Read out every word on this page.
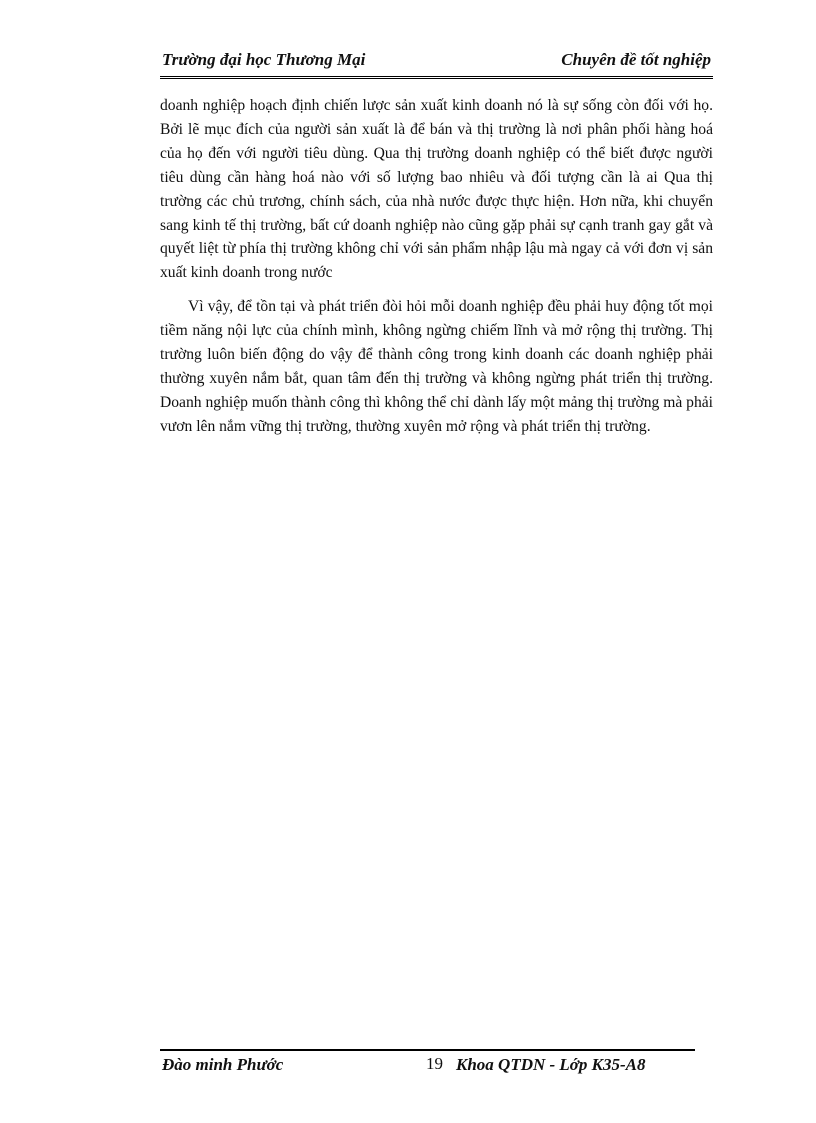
Trường đại học Thương Mại	Chuyên đề tốt nghiệp

doanh nghiệp hoạch định chiến lược sản xuất kinh doanh nó là sự sống còn đối với họ. Bởi lẽ mục đích của người sản xuất là để bán và thị trường là nơi phân phối hàng hoá của họ đến với người tiêu dùng. Qua thị trường doanh nghiệp có thể biết được người tiêu dùng cần hàng hoá nào với số lượng bao nhiêu và đối tượng cần là ai Qua thị trường các chủ trương, chính sách, của nhà nước được thực hiện. Hơn nữa, khi chuyển sang kinh tế thị trường, bất cứ doanh nghiệp nào cũng gặp phải sự cạnh tranh gay gắt và quyết liệt từ phía thị trường không chỉ với sản phẩm nhập lậu mà ngay cả với đơn vị sản xuất kinh doanh trong nước

Vì vậy, để tồn tại và phát triển đòi hỏi mỗi doanh nghiệp đều phải huy động tốt mọi tiềm năng nội lực của chính mình, không ngừng chiếm lĩnh và mở rộng thị trường. Thị trường luôn biến động do vậy để thành công trong kinh doanh các doanh nghiệp phải thường xuyên nắm bắt, quan tâm đến thị trường và không ngừng phát triển thị trường. Doanh nghiệp muốn thành công thì không thể chỉ dành lấy một mảng thị trường mà phải vươn lên nắm vững thị trường, thường xuyên mở rộng và phát triển thị trường.

Đào minh Phước	19 Khoa QTDN - Lớp K35-A8
